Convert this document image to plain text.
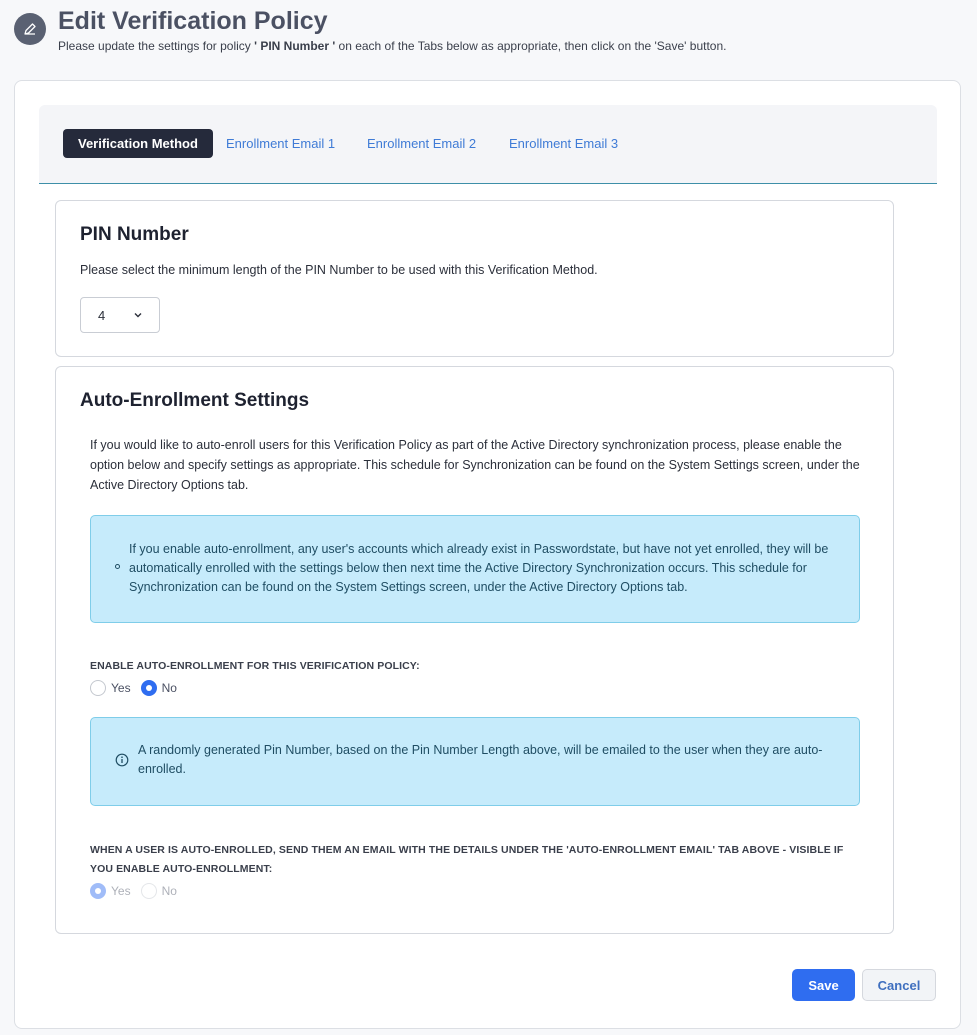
Edit Verification Policy
Please update the settings for policy ' PIN Number ' on each of the Tabs below as appropriate, then click on the 'Save' button.
Verification Method	Enrollment Email 1 Enrollment Email 2	Enrollment Email 3
PIN Number
Please select the minimum length of the PIN Number to be used with this Verification Method.
4
Auto-Enrollment Settings
If you would like to auto-enroll users for this Verification Policy as part of the Active Directory synchronization process, please enable the option below and specify settings as appropriate. This schedule for Synchronization can be found on the System Settings screen, under the Active Directory Options tab.
If you enable auto-enrollment, any user's accounts which already exist in Passwordstate, but have not yet enrolled, they will be automatically enrolled with the settings below then next time the Active Directory Synchronization occurs. This schedule for Synchronization can be found on the System Settings screen, under the Active Directory Options tab.
ENABLE AUTO-ENROLLMENT FOR THIS VERIFICATION POLICY:
Yes	No
A randomly generated Pin Number, based on the Pin Number Length above, will be emailed to the user when they are auto-enrolled.
WHEN A USER IS AUTO-ENROLLED, SEND THEM AN EMAIL WITH THE DETAILS UNDER THE 'AUTO-ENROLLMENT EMAIL' TAB ABOVE - VISIBLE IF YOU ENABLE AUTO-ENROLLMENT:
Yes	No
Save	Cancel
